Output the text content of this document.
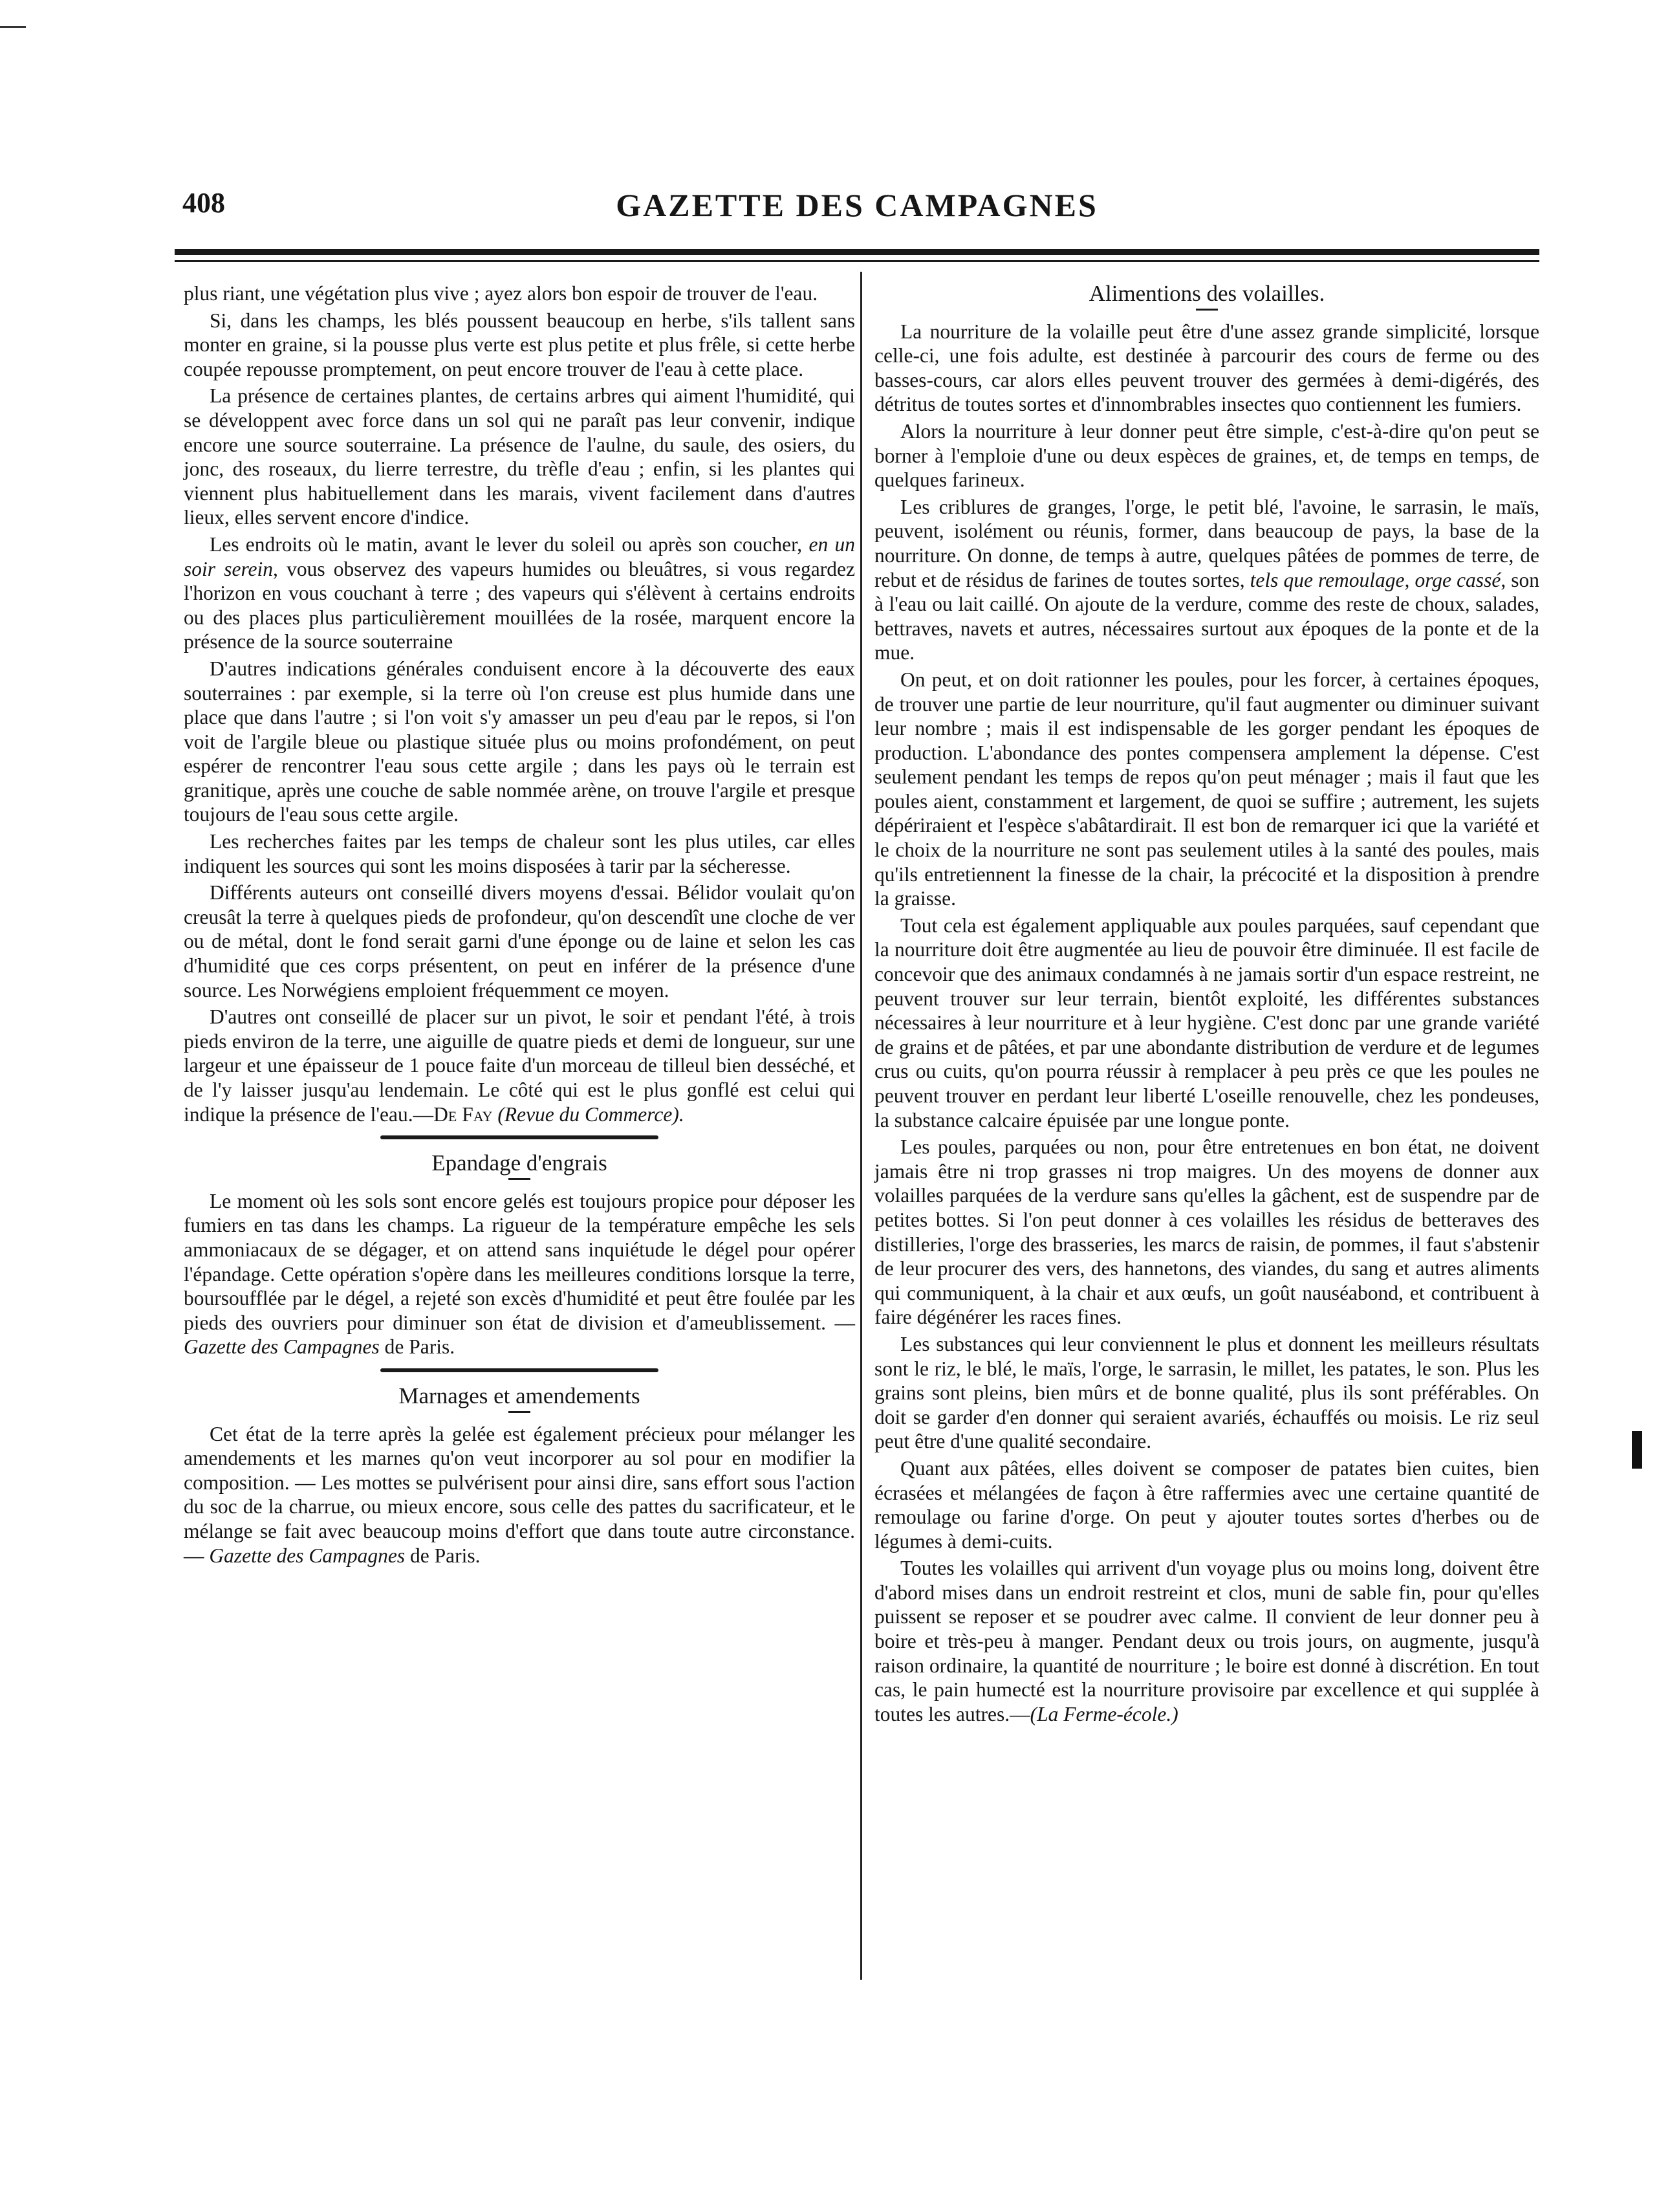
408	GAZETTE DES CAMPAGNES

plus riant, une végétation plus vive ; ayez alors bon espoir de trouver de l'eau.

Si, dans les champs, les blés poussent beaucoup en herbe, s'ils tallent sans monter en graine, si la pousse plus verte est plus petite et plus frêle, si cette herbe coupée repousse promptement, on peut encore trouver de l'eau à cette place.

La présence de certaines plantes, de certains arbres qui aiment l'humidité, qui se développent avec force dans un sol qui ne paraît pas leur convenir, indique encore une source souterraine. La présence de l'aulne, du saule, des osiers, du jonc, des roseaux, du lierre terrestre, du trèfle d'eau ; enfin, si les plantes qui viennent plus habituellement dans les marais, vivent facilement dans d'autres lieux, elles servent encore d'indice.

Les endroits où le matin, avant le lever du soleil ou après son coucher, en un soir serein, vous observez des vapeurs humides ou bleuâtres, si vous regardez l'horizon en vous couchant à terre ; des vapeurs qui s'élèvent à certains endroits ou des places plus particulièrement mouillées de la rosée, marquent encore la présence de la source souterraine

D'autres indications générales conduisent encore à la découverte des eaux souterraines : par exemple, si la terre où l'on creuse est plus humide dans une place que dans l'autre ; si l'on voit s'y amasser un peu d'eau par le repos, si l'on voit de l'argile bleue ou plastique située plus ou moins profondément, on peut espérer de rencontrer l'eau sous cette argile ; dans les pays où le terrain est granitique, après une couche de sable nommée arène, on trouve l'argile et presque toujours de l'eau sous cette argile.

Les recherches faites par les temps de chaleur sont les plus utiles, car elles indiquent les sources qui sont les moins disposées à tarir par la sécheresse.

Différents auteurs ont conseillé divers moyens d'essai. Bélidor voulait qu'on creusât la terre à quelques pieds de profondeur, qu'on descendît une cloche de ver ou de métal, dont le fond serait garni d'une éponge ou de laine et selon les cas d'humidité que ces corps présentent, on peut en inférer de la présence d'une source. Les Norwégiens emploient fréquemment ce moyen.

D'autres ont conseillé de placer sur un pivot, le soir et pendant l'été, à trois pieds environ de la terre, une aiguille de quatre pieds et demi de longueur, sur une largeur et une épaisseur de 1 pouce faite d'un morceau de tilleul bien desséché, et de l'y laisser jusqu'au lendemain. Le côté qui est le plus gonflé est celui qui indique la présence de l'eau.—De Fay (Revue du Commerce).

Epandage d'engrais

Le moment où les sols sont encore gelés est toujours propice pour déposer les fumiers en tas dans les champs. La rigueur de la température empêche les sels ammoniacaux de se dégager, et on attend sans inquiétude le dégel pour opérer l'épandage. Cette opération s'opère dans les meilleures conditions lorsque la terre, boursoufflée par le dégel, a rejeté son excès d'humidité et peut être foulée par les pieds des ouvriers pour diminuer son état de division et d'ameublissement. — Gazette des Campagnes de Paris.

Marnages et amendements

Cet état de la terre après la gelée est également précieux pour mélanger les amendements et les marnes qu'on veut incorporer au sol pour en modifier la composition. — Les mottes se pulvérisent pour ainsi dire, sans effort sous l'action du soc de la charrue, ou mieux encore, sous celle des pattes du sacrificateur, et le mélange se fait avec beaucoup moins d'effort que dans toute autre circonstance. — Gazette des Campagnes de Paris.

Alimentions des volailles.

La nourriture de la volaille peut être d'une assez grande simplicité, lorsque celle-ci, une fois adulte, est destinée à parcourir des cours de ferme ou des basses-cours, car alors elles peuvent trouver des germées à demi-digérés, des détritus de toutes sortes et d'innombrables insectes quo contiennent les fumiers.

Alors la nourriture à leur donner peut être simple, c'est-à-dire qu'on peut se borner à l'emploie d'une ou deux espèces de graines, et, de temps en temps, de quelques farineux.

Les criblures de granges, l'orge, le petit blé, l'avoine, le sarrasin, le maïs, peuvent, isolément ou réunis, former, dans beaucoup de pays, la base de la nourriture. On donne, de temps à autre, quelques pâtées de pommes de terre, de rebut et de résidus de farines de toutes sortes, tels que remoulage, orge cassé, son à l'eau ou lait caillé. On ajoute de la verdure, comme des reste de choux, salades, bettraves, navets et autres, nécessaires surtout aux époques de la ponte et de la mue.

On peut, et on doit rationner les poules, pour les forcer, à certaines époques, de trouver une partie de leur nourriture, qu'il faut augmenter ou diminuer suivant leur nombre ; mais il est indispensable de les gorger pendant les époques de production. L'abondance des pontes compensera amplement la dépense. C'est seulement pendant les temps de repos qu'on peut ménager ; mais il faut que les poules aient, constamment et largement, de quoi se suffire ; autrement, les sujets dépériraient et l'espèce s'abâtardirait. Il est bon de remarquer ici que la variété et le choix de la nourriture ne sont pas seulement utiles à la santé des poules, mais qu'ils entretiennent la finesse de la chair, la précocité et la disposition à prendre la graisse.

Tout cela est également appliquable aux poules parquées, sauf cependant que la nourriture doit être augmentée au lieu de pouvoir être diminuée. Il est facile de concevoir que des animaux condamnés à ne jamais sortir d'un espace restreint, ne peuvent trouver sur leur terrain, bientôt exploité, les différentes substances nécessaires à leur nourriture et à leur hygiène. C'est donc par une grande variété de grains et de pâtées, et par une abondante distribution de verdure et de legumes crus ou cuits, qu'on pourra réussir à remplacer à peu près ce que les poules ne peuvent trouver en perdant leur liberté L'oseille renouvelle, chez les pondeuses, la substance calcaire épuisée par une longue ponte.

Les poules, parquées ou non, pour être entretenues en bon état, ne doivent jamais être ni trop grasses ni trop maigres. Un des moyens de donner aux volailles parquées de la verdure sans qu'elles la gâchent, est de suspendre par de petites bottes. Si l'on peut donner à ces volailles les résidus de betteraves des distilleries, l'orge des brasseries, les marcs de raisin, de pommes, il faut s'abstenir de leur procurer des vers, des hannetons, des viandes, du sang et autres aliments qui communiquent, à la chair et aux œufs, un goût nauséabond, et contribuent à faire dégénérer les races fines.

Les substances qui leur conviennent le plus et donnent les meilleurs résultats sont le riz, le blé, le maïs, l'orge, le sarrasin, le millet, les patates, le son. Plus les grains sont pleins, bien mûrs et de bonne qualité, plus ils sont préférables. On doit se garder d'en donner qui seraient avariés, échauffés ou moisis. Le riz seul peut être d'une qualité secondaire.

Quant aux pâtées, elles doivent se composer de patates bien cuites, bien écrasées et mélangées de façon à être raffermies avec une certaine quantité de remoulage ou farine d'orge. On peut y ajouter toutes sortes d'herbes ou de légumes à demi-cuits.

Toutes les volailles qui arrivent d'un voyage plus ou moins long, doivent être d'abord mises dans un endroit restreint et clos, muni de sable fin, pour qu'elles puissent se reposer et se poudrer avec calme. Il convient de leur donner peu à boire et très-peu à manger. Pendant deux ou trois jours, on augmente, jusqu'à raison ordinaire, la quantité de nourriture ; le boire est donné à discrétion. En tout cas, le pain humecté est la nourriture provisoire par excellence et qui supplée à toutes les autres.—(La Ferme-école.)
